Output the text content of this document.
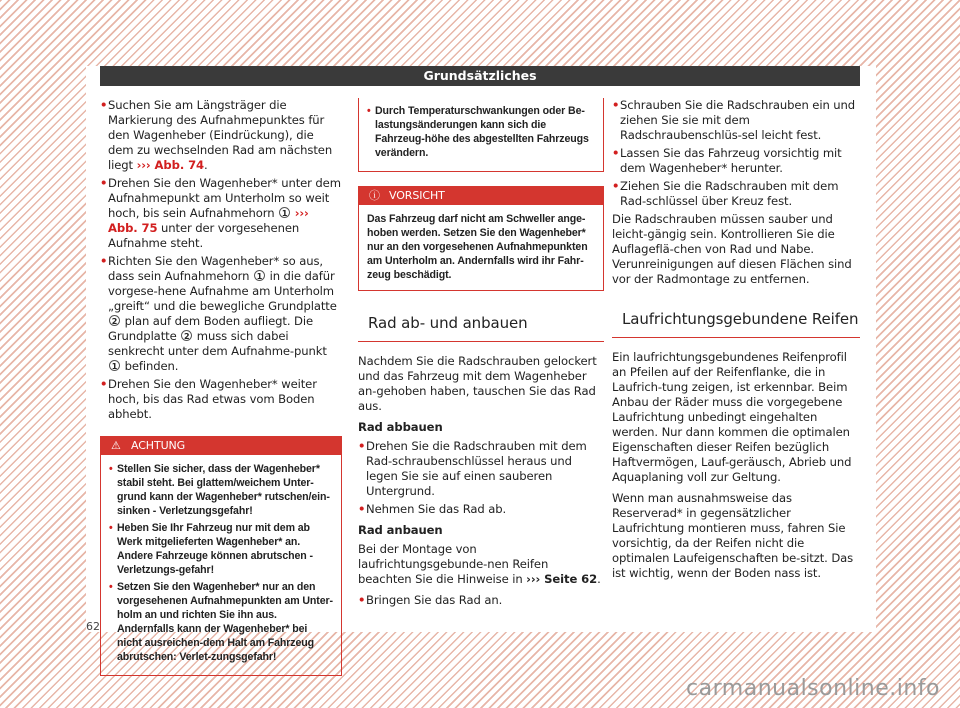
Grundsätzliches
• Suchen Sie am Längsträger die Markierung des Aufnahmepunktes für den Wagenheber (Eindrückung), die dem zu wechselnden Rad am nächsten liegt ››› Abb. 74.
• Drehen Sie den Wagenheber* unter dem Aufnahmepunkt am Unterholm so weit hoch, bis sein Aufnahmehorn 1 ››› Abb. 75 unter der vorgesehenen Aufnahme steht.
• Richten Sie den Wagenheber* so aus, dass sein Aufnahmehorn 1 in die dafür vorgese-hene Aufnahme am Unterholm „greift“ und die bewegliche Grundplatte 2 plan auf dem Boden aufliegt. Die Grundplatte 2 muss sich dabei senkrecht unter dem Aufnahme-punkt 1 befinden.
• Drehen Sie den Wagenheber* weiter hoch, bis das Rad etwas vom Boden abhebt.
⚠ ACHTUNG
• Stellen Sie sicher, dass der Wagenheber* stabil steht. Bei glattem/weichem Unter-grund kann der Wagenheber* rutschen/ein-sinken - Verletzungsgefahr!
• Heben Sie Ihr Fahrzeug nur mit dem ab Werk mitgelieferten Wagenheber* an. Andere Fahrzeuge können abrutschen - Verletzungs-gefahr!
• Setzen Sie den Wagenheber* nur an den vorgesehenen Aufnahmepunkten am Unter-holm an und richten Sie ihn aus. Andernfalls kann der Wagenheber* bei nicht ausreichen-dem Halt am Fahrzeug abrutschen: Verlet-zungsgefahr!
• Durch Temperaturschwankungen oder Be-lastungsänderungen kann sich die Fahrzeug-höhe des abgestellten Fahrzeugs verändern.
ⓘ VORSICHT
Das Fahrzeug darf nicht am Schweller ange-hoben werden. Setzen Sie den Wagenheber* nur an den vorgesehenen Aufnahmepunkten am Unterholm an. Andernfalls wird ihr Fahr-zeug beschädigt.
Rad ab- und anbauen

Nachdem Sie die Radschrauben gelockert und das Fahrzeug mit dem Wagenheber an-gehoben haben, tauschen Sie das Rad aus.

Rad abbauen
• Drehen Sie die Radschrauben mit dem Rad-schraubenschlüssel heraus und legen Sie sie auf einen sauberen Untergrund.
• Nehmen Sie das Rad ab.
Rad anbauen

Bei der Montage von laufrichtungsgebunde-nen Reifen beachten Sie die Hinweise in ››› Seite 62.

• Bringen Sie das Rad an.
• Schrauben Sie die Radschrauben ein und ziehen Sie sie mit dem Radschraubenschlüs-sel leicht fest.
• Lassen Sie das Fahrzeug vorsichtig mit dem Wagenheber* herunter.
• Ziehen Sie die Radschrauben mit dem Rad-schlüssel über Kreuz fest.

Die Radschrauben müssen sauber und leicht-gängig sein. Kontrollieren Sie die Auflageflä-chen von Rad und Nabe. Verunreinigungen auf diesen Flächen sind vor der Radmontage zu entfernen.

Laufrichtungsgebundene Reifen

Ein laufrichtungsgebundenes Reifenprofil an Pfeilen auf der Reifenflanke, die in Laufrich-tung zeigen, ist erkennbar. Beim Anbau der Räder muss die vorgegebene Laufrichtung unbedingt eingehalten werden. Nur dann kommen die optimalen Eigenschaften dieser Reifen bezüglich Haftvermögen, Lauf-geräusch, Abrieb und Aquaplaning voll zur Geltung.

Wenn man ausnahmsweise das Reserverad* in gegensätzlicher Laufrichtung montieren muss, fahren Sie vorsichtig, da der Reifen nicht die optimalen Laufeigenschaften be-sitzt. Das ist wichtig, wenn der Boden nass ist.

62
carmanualsonline.info
